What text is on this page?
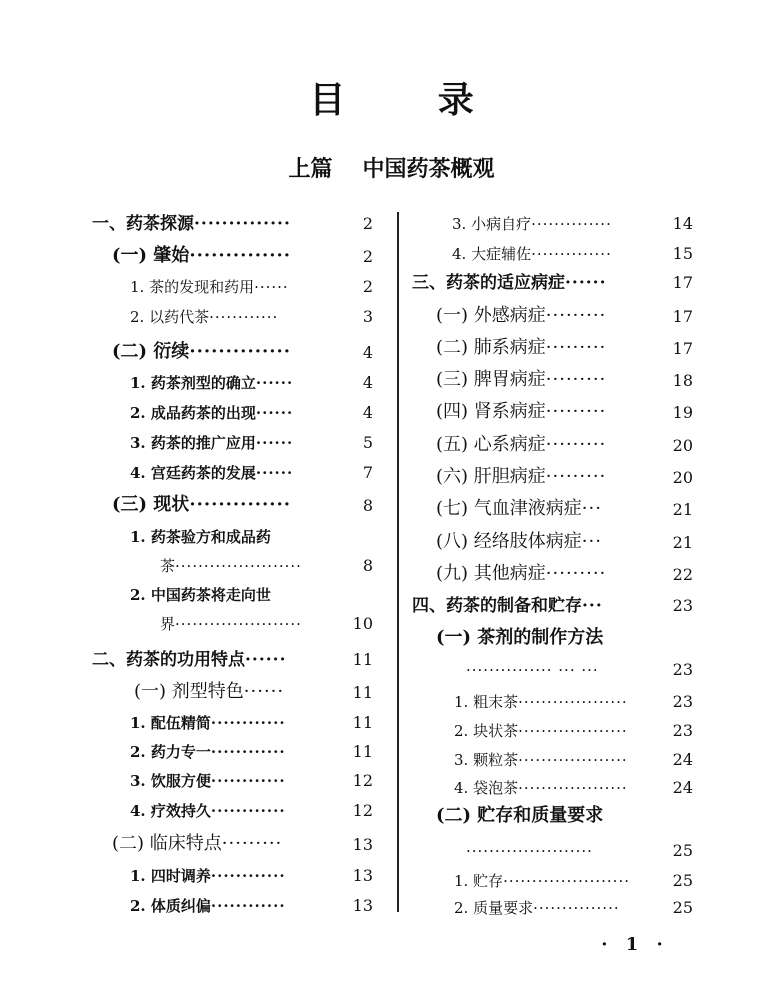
目 录
上篇 中国药茶概观
一、药茶探源··············	2
(一) 肇始··············	2
1. 茶的发现和药用······	2
2. 以药代茶············	3
(二) 衍续··············	4
1. 药茶剂型的确立······	4
2. 成品药茶的出现······	4
3. 药茶的推广应用······	5
4. 宫廷药茶的发展······	7
(三) 现状··············	8
1. 药茶验方和成品药
茶······················	8
2. 中国药茶将走向世
界······················	10
二、药茶的功用特点······	11
(一) 剂型特色······	11
1. 配伍精简············	11
2. 药力专一············	11
3. 饮服方便············	12
4. 疗效持久············	12
(二) 临床特点·········	13
1. 四时调养············	13
2. 体质纠偏············	13
3. 小病自疗··············	14
4. 大症辅佐··············	15
三、药茶的适应病症······	17
(一) 外感病症·········	17
(二) 肺系病症·········	17
(三) 脾胃病症·········	18
(四) 肾系病症·········	19
(五) 心系病症·········	20
(六) 肝胆病症·········	20
(七) 气血津液病症···	21
(八) 经络肢体病症···	21
(九) 其他病症·········	22
四、药茶的制备和贮存···	23
(一) 茶剂的制作方法
··············· ··· ···	23
1. 粗末茶···················	23
2. 块状茶···················	23
3. 颗粒茶···················	24
4. 袋泡茶···················	24
(二) 贮存和质量要求
······················	25
1. 贮存······················	25
2. 质量要求···············	25
· 1 ·
